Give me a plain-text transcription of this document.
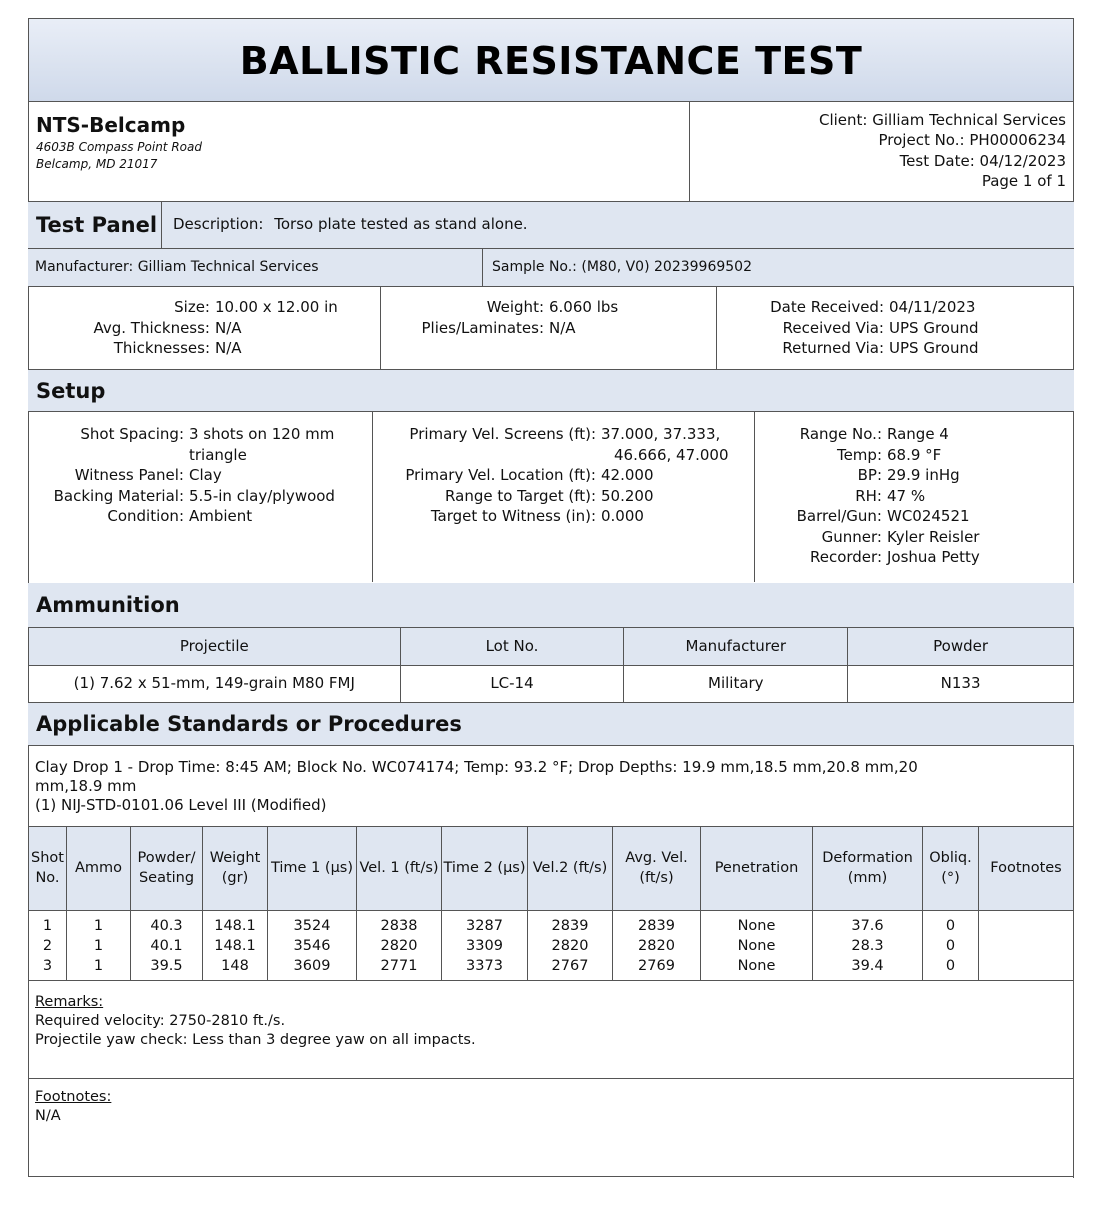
BALLISTIC RESISTANCE TEST
NTS-Belcamp
4603B Compass Point Road
Belcamp, MD 21017
Client: Gilliam Technical Services
Project No.: PH00006234
Test Date: 04/12/2023
Page 1 of 1
Test Panel	Description: Torso plate tested as stand alone.
Manufacturer: Gilliam Technical Services	Sample No.: (M80, V0) 20239969502
Size: 10.00 x 12.00 in
Avg. Thickness: N/A
Thicknesses: N/A
Weight: 6.060 lbs
Plies/Laminates: N/A
Date Received: 04/11/2023
Received Via: UPS Ground
Returned Via: UPS Ground
Setup
Shot Spacing: 3 shots on 120 mm
triangle
Witness Panel: Clay
Backing Material: 5.5-in clay/plywood
Condition: Ambient
Primary Vel. Screens (ft): 37.000, 37.333,
46.666, 47.000
Primary Vel. Location (ft): 42.000
Range to Target (ft): 50.200
Target to Witness (in): 0.000
Range No.: Range 4
Temp: 68.9 °F
BP: 29.9 inHg
RH: 47 %
Barrel/Gun: WC024521
Gunner: Kyler Reisler
Recorder: Joshua Petty
Ammunition
Projectile	Lot No.	Manufacturer	Powder
(1) 7.62 x 51-mm, 149-grain M80 FMJ	LC-14	Military	N133
Applicable Standards or Procedures
Clay Drop 1 - Drop Time: 8:45 AM; Block No. WC074174; Temp: 93.2 °F; Drop Depths: 19.9 mm,18.5 mm,20.8 mm,20
mm,18.9 mm
(1) NIJ-STD-0101.06 Level III (Modified)
Shot No.	Ammo	Powder/ Seating	Weight (gr)	Time 1 (µs)	Vel. 1 (ft/s)	Time 2 (µs)	Vel.2 (ft/s)	Avg. Vel. (ft/s)	Penetration	Deformation (mm)	Obliq. (°)	Footnotes

1	1	40.3	148.1	3524	2838	3287	2839	2839	None	37.6	0	
2	1	40.1	148.1	3546	2820	3309	2820	2820	None	28.3	0	
3	1	39.5	148	3609	2771	3373	2767	2769	None	39.4	0	

Remarks:
Required velocity: 2750-2810 ft./s.
Projectile yaw check: Less than 3 degree yaw on all impacts.
Footnotes:
N/A
